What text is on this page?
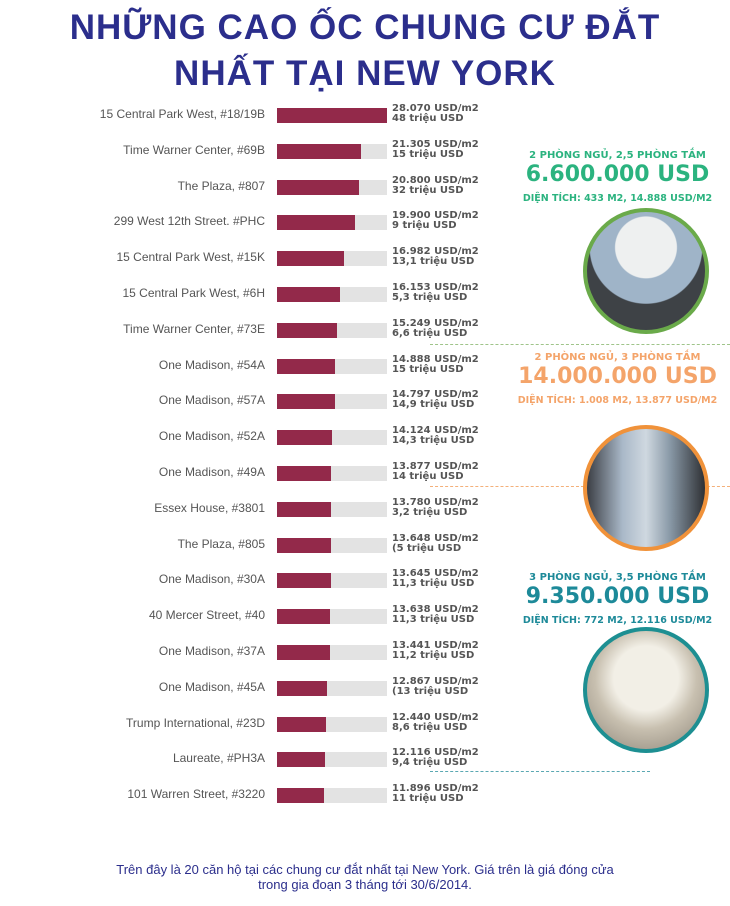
NHỮNG CAO ỐC CHUNG CƯ ĐẮT
NHẤT TẠI NEW YORK
15 Central Park West, #18/19B	28.070 USD/m2
48 triệu USD
Time Warner Center, #69B	21.305 USD/m2
15 triệu USD
The Plaza, #807	20.800 USD/m2
32 triệu USD
299 West 12th Street. #PHC	19.900 USD/m2
9 triệu USD
15 Central Park West, #15K	16.982 USD/m2
13,1 triệu USD
15 Central Park West, #6H	16.153 USD/m2
5,3 triệu USD
Time Warner Center, #73E	15.249 USD/m2
6,6 triệu USD
One Madison, #54A	14.888 USD/m2
15 triệu USD
One Madison, #57A	14.797 USD/m2
14,9 triệu USD
One Madison, #52A	14.124 USD/m2
14,3 triệu USD
One Madison, #49A	13.877 USD/m2
14 triệu USD
Essex House, #3801	13.780 USD/m2
3,2 triệu USD
The Plaza, #805	13.648 USD/m2
(5 triệu USD
One Madison, #30A	13.645 USD/m2
11,3 triệu USD
40 Mercer Street, #40	13.638 USD/m2
11,3 triệu USD
One Madison, #37A	13.441 USD/m2
11,2 triệu USD
One Madison, #45A	12.867 USD/m2
(13 triệu USD
Trump International, #23D	12.440 USD/m2
8,6 triệu USD
Laureate, #PH3A	12.116 USD/m2
9,4 triệu USD
101 Warren Street, #3220	11.896 USD/m2
11 triệu USD
2 PHÒNG NGỦ, 2,5 PHÒNG TẮM
6.600.000 USD
DIỆN TÍCH: 433 M2, 14.888 USD/M2
2 PHÒNG NGỦ, 3 PHÒNG TẮM
14.000.000 USD
DIỆN TÍCH: 1.008 M2, 13.877 USD/M2
3 PHÒNG NGỦ, 3,5 PHÒNG TẮM
9.350.000 USD
DIỆN TÍCH: 772 M2, 12.116 USD/M2
Trên đây là 20 căn hộ tại các chung cư đắt nhất tại New York. Giá trên là giá đóng cửa
trong gia đoạn 3 tháng tới 30/6/2014.
